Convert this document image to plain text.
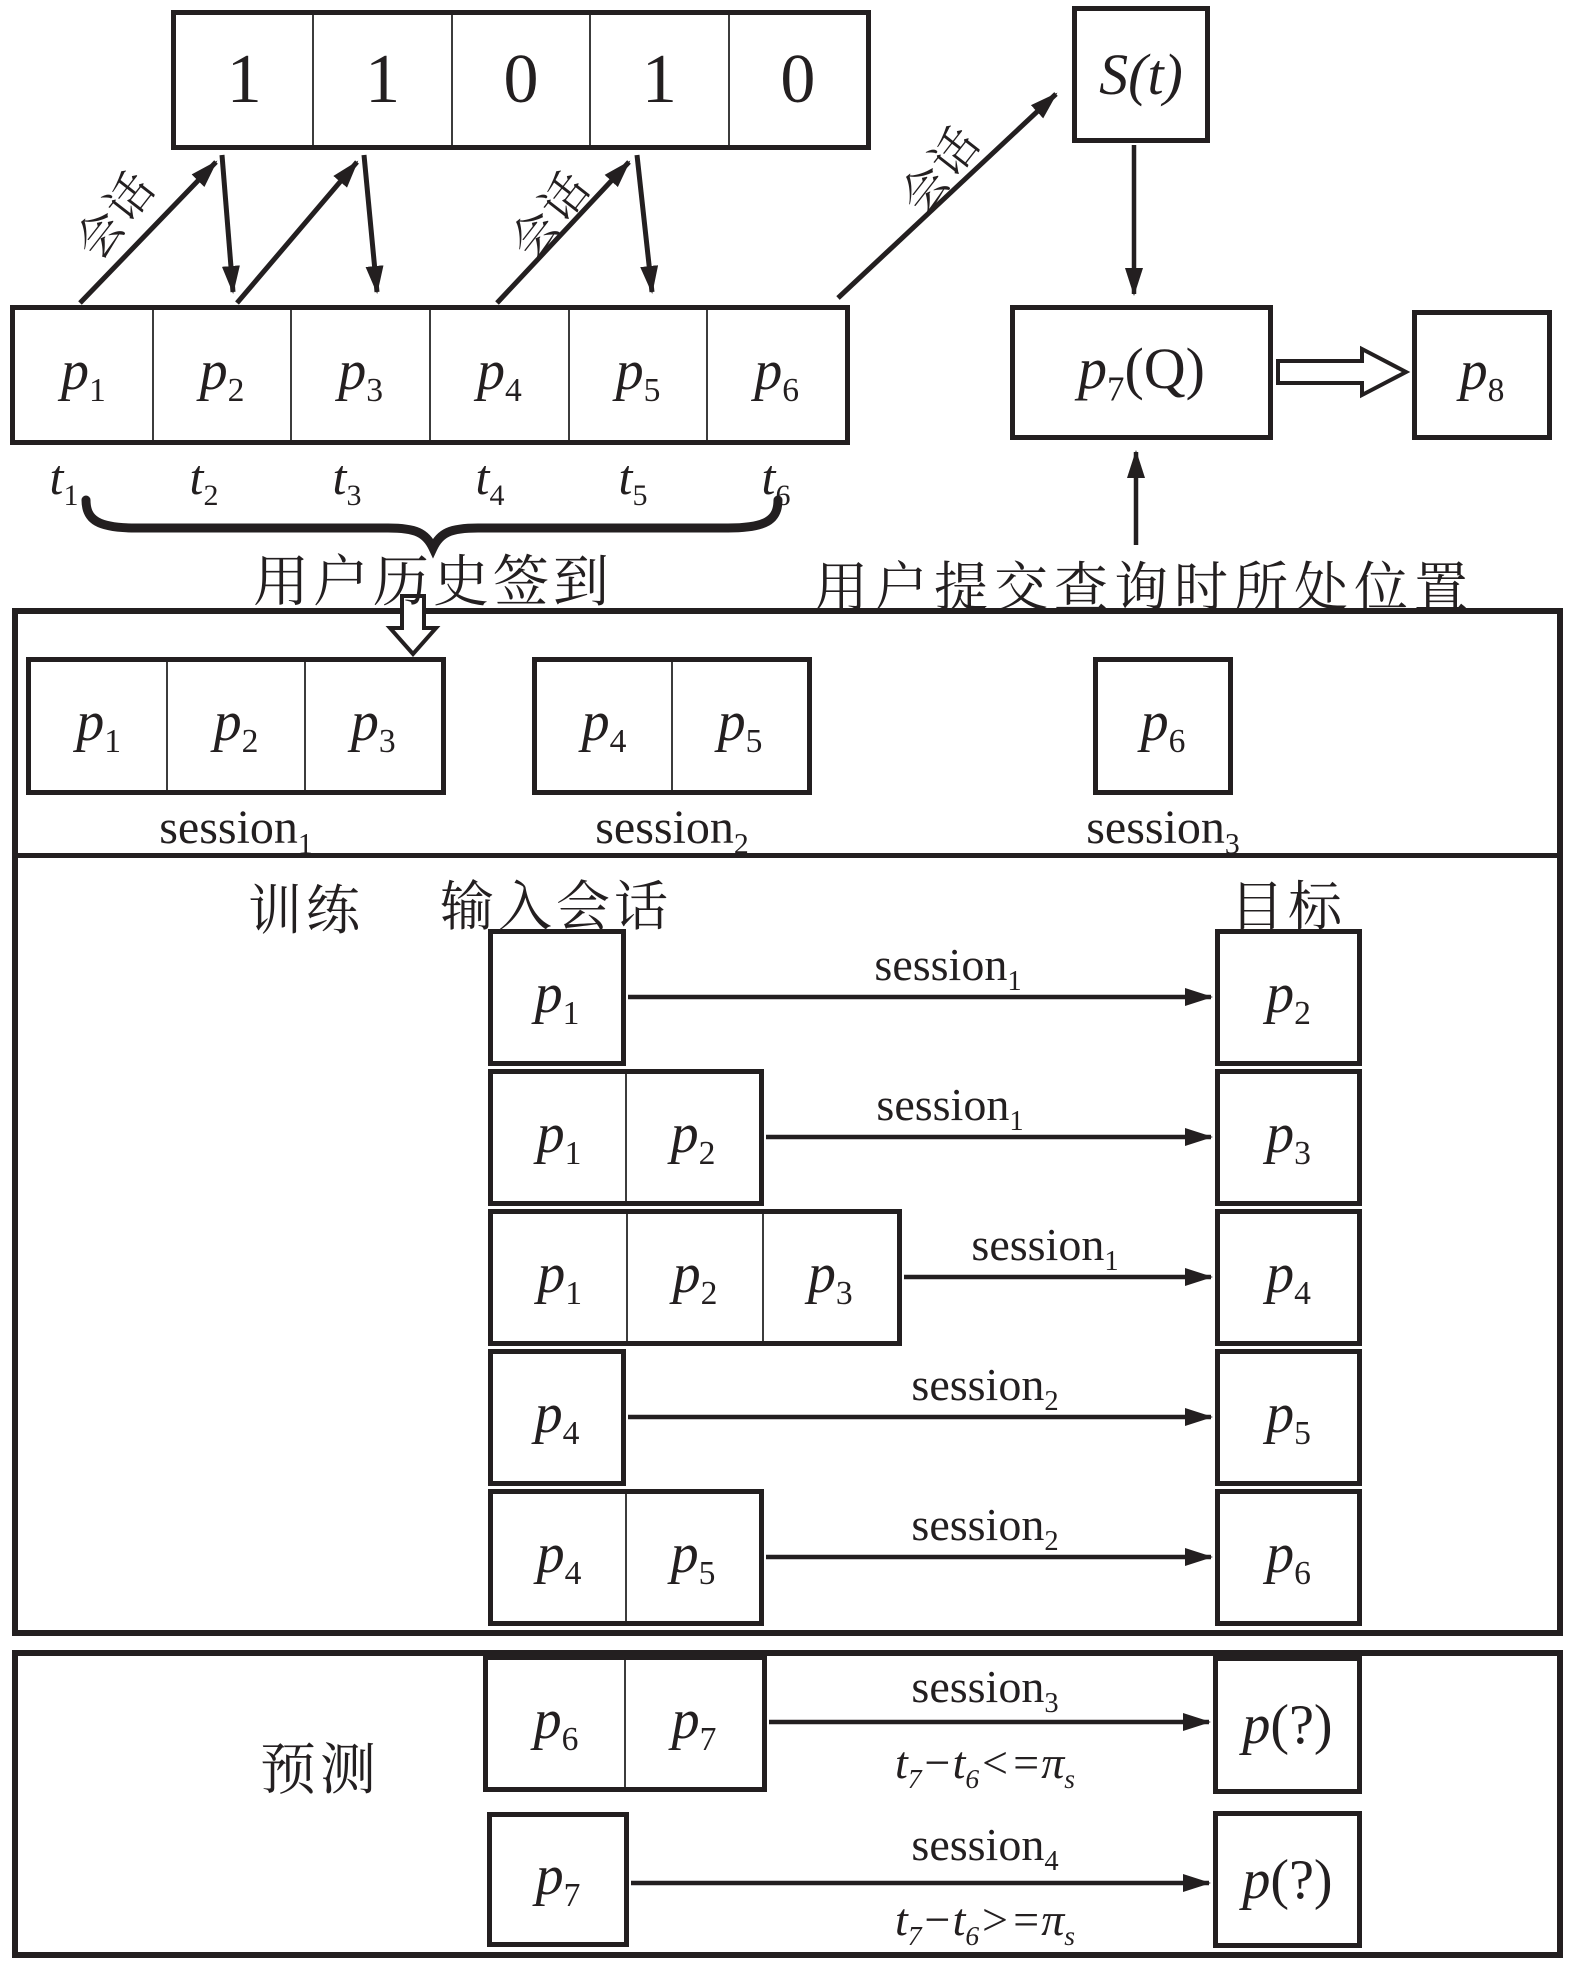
1 1 0 1 0
$p_1$ $p_2$ $p_3$ $p_4$ $p_5$ $p_6$
$t_1$ $t_2$ $t_3$ $t_4$ $t_5$ $t_6$
会话	会话	会话
S(t)
$p_7(Q)$	$p_8$
用户历史签到	用户提交查询时所处位置
$p_1$ $p_2$ $p_3$	$p_4$ $p_5$	$p_6$
session$_1$	session$_2$	session$_3$
训练 输入会话	目标
$p_1$
session$_1$	$p_2$
$p_1$ $p_2$
session$_1$	$p_3$
$p_1$ $p_2$ $p_3$
session$_1$	$p_4$
$p_4$
session$_2$	$p_5$
$p_4$ $p_5$
session$_2$	$p_6$
预测
$p_6$ $p_7$
session$_3$
$t_7-t_6<=\pi_s$
p(?)
$p_7$
session$_4$
$t_7-t_6>=\pi_s$
p(?)
